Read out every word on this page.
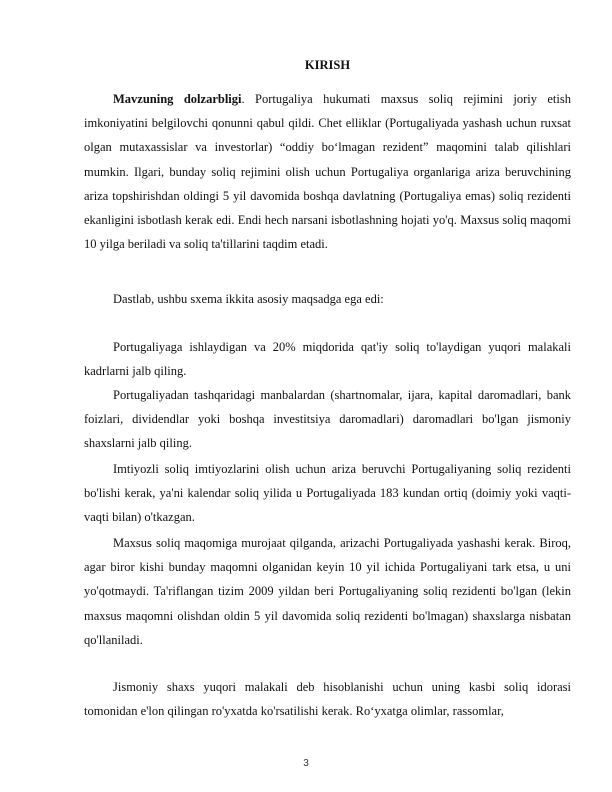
KIRISH

Mavzuning dolzarbligi. Portugaliya hukumati maxsus soliq rejimini joriy etish imkoniyatini belgilovchi qonunni qabul qildi. Chet elliklar (Portugaliyada yashash uchun ruxsat olgan mutaxassislar va investorlar) “oddiy bo‘lmagan rezident” maqomini talab qilishlari mumkin. Ilgari, bunday soliq rejimini olish uchun Portugaliya organlariga ariza beruvchining ariza topshirishdan oldingi 5 yil davomida boshqa davlatning (Portugaliya emas) soliq rezidenti ekanligini isbotlash kerak edi. Endi hech narsani isbotlashning hojati yo'q. Maxsus soliq maqomi 10 yilga beriladi va soliq ta'tillarini taqdim etadi.

Dastlab, ushbu sxema ikkita asosiy maqsadga ega edi:

Portugaliyaga ishlaydigan va 20% miqdorida qat'iy soliq to'laydigan yuqori malakali kadrlarni jalb qiling.

Portugaliyadan tashqaridagi manbalardan (shartnomalar, ijara, kapital daromadlari, bank foizlari, dividendlar yoki boshqa investitsiya daromadlari) daromadlari bo'lgan jismoniy shaxslarni jalb qiling.

Imtiyozli soliq imtiyozlarini olish uchun ariza beruvchi Portugaliyaning soliq rezidenti bo'lishi kerak, ya'ni kalendar soliq yilida u Portugaliyada 183 kundan ortiq (doimiy yoki vaqti-vaqti bilan) o'tkazgan.

Maxsus soliq maqomiga murojaat qilganda, arizachi Portugaliyada yashashi kerak. Biroq, agar biror kishi bunday maqomni olganidan keyin 10 yil ichida Portugaliyani tark etsa, u uni yo'qotmaydi. Ta'riflangan tizim 2009 yildan beri Portugaliyaning soliq rezidenti bo'lgan (lekin maxsus maqomni olishdan oldin 5 yil davomida soliq rezidenti bo'lmagan) shaxslarga nisbatan qo'llaniladi.

Jismoniy shaxs yuqori malakali deb hisoblanishi uchun uning kasbi soliq idorasi tomonidan e'lon qilingan ro'yxatda ko'rsatilishi kerak. Ro‘yxatga olimlar, rassomlar,

3
